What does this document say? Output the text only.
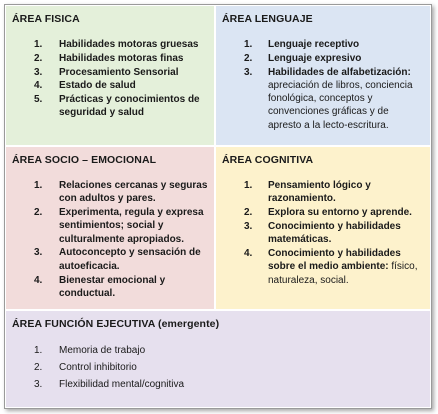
ÁREA FISICA
1. Habilidades motoras gruesas
2. Habilidades motoras finas
3. Procesamiento Sensorial
4. Estado de salud
5. Prácticas y conocimientos de seguridad y salud
ÁREA LENGUAJE
1. Lenguaje receptivo
2. Lenguaje expresivo
3. Habilidades de alfabetización: apreciación de libros, conciencia fonológica, conceptos y convenciones gráficas y de apresto a la lecto-escritura.
ÁREA SOCIO – EMOCIONAL
1. Relaciones cercanas y seguras con adultos y pares.
2. Experimenta, regula y expresa sentimientos; social y culturalmente apropiados.
3. Autoconcepto y sensación de autoeficacia.
4. Bienestar emocional y conductual.
ÁREA COGNITIVA
1. Pensamiento lógico y razonamiento.
2. Explora su entorno y aprende.
3. Conocimiento y habilidades matemáticas.
4. Conocimiento y habilidades sobre el medio ambiente: físico, naturaleza, social.
ÁREA FUNCIÓN EJECUTIVA (emergente)
1. Memoria de trabajo
2. Control inhibitorio
3. Flexibilidad mental/cognitiva
